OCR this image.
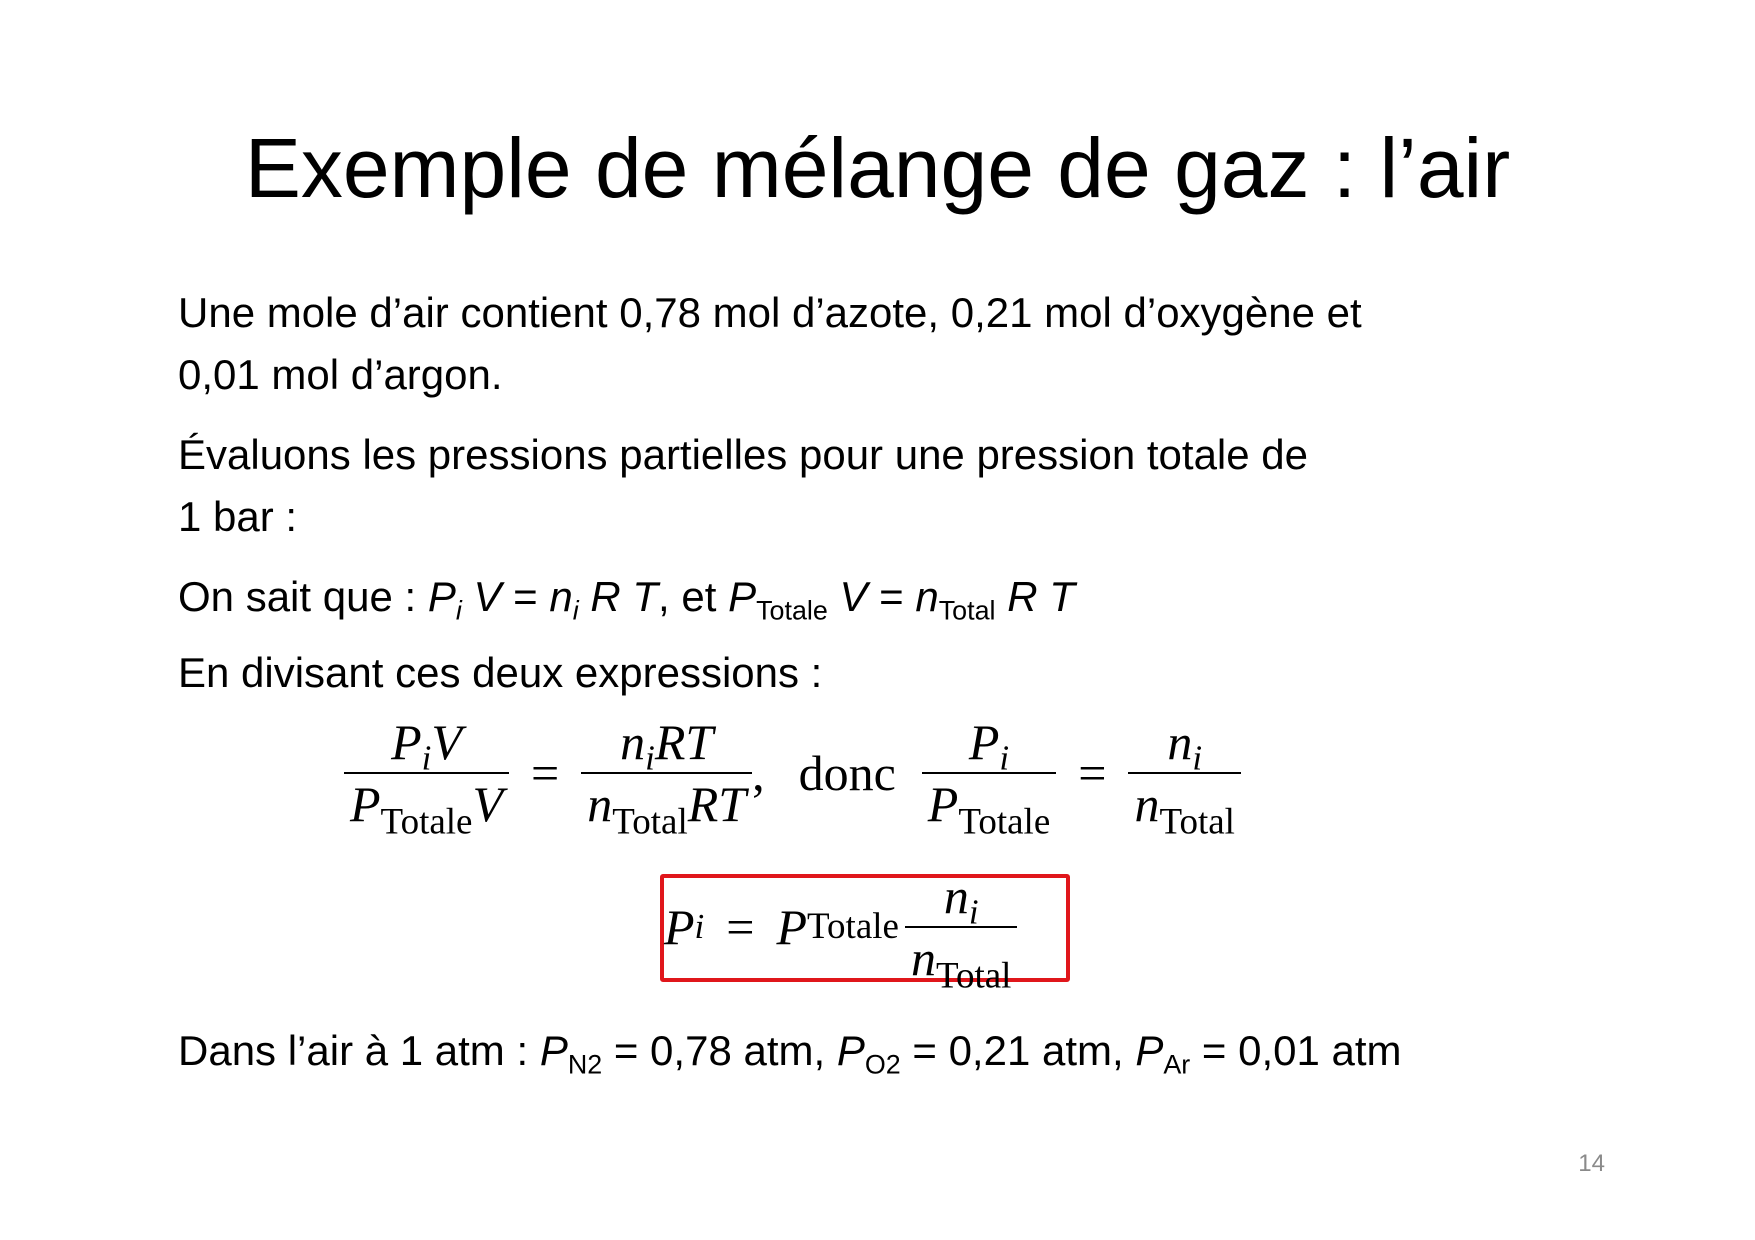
Exemple de mélange de gaz : l’air

Une mole d’air contient 0,78 mol d’azote, 0,21 mol d’oxygène et
0,01 mol d’argon.

Évaluons les pressions partielles pour une pression totale de
1 bar :

On sait que : $P_i$ $V = n_i$ R T, et $P_{Totale}$ $V = n_{Total}$ R T

En divisant ces deux expressions :

$\frac{P_iV}{P_{Totale}V} = \frac{n_iRT}{n_{Total}RT}$ , donc $\frac{P_i}{P_{Totale}} = \frac{n_i}{n_{Total}}$
P i = P Totale $\frac{n_i}{n_{Total}}$

Dans l’air à 1 atm : $P_{N2} = 0,78$ atm, $P_{O2} = 0,21$ atm, $P_{Ar} = 0,01$ atm

14
